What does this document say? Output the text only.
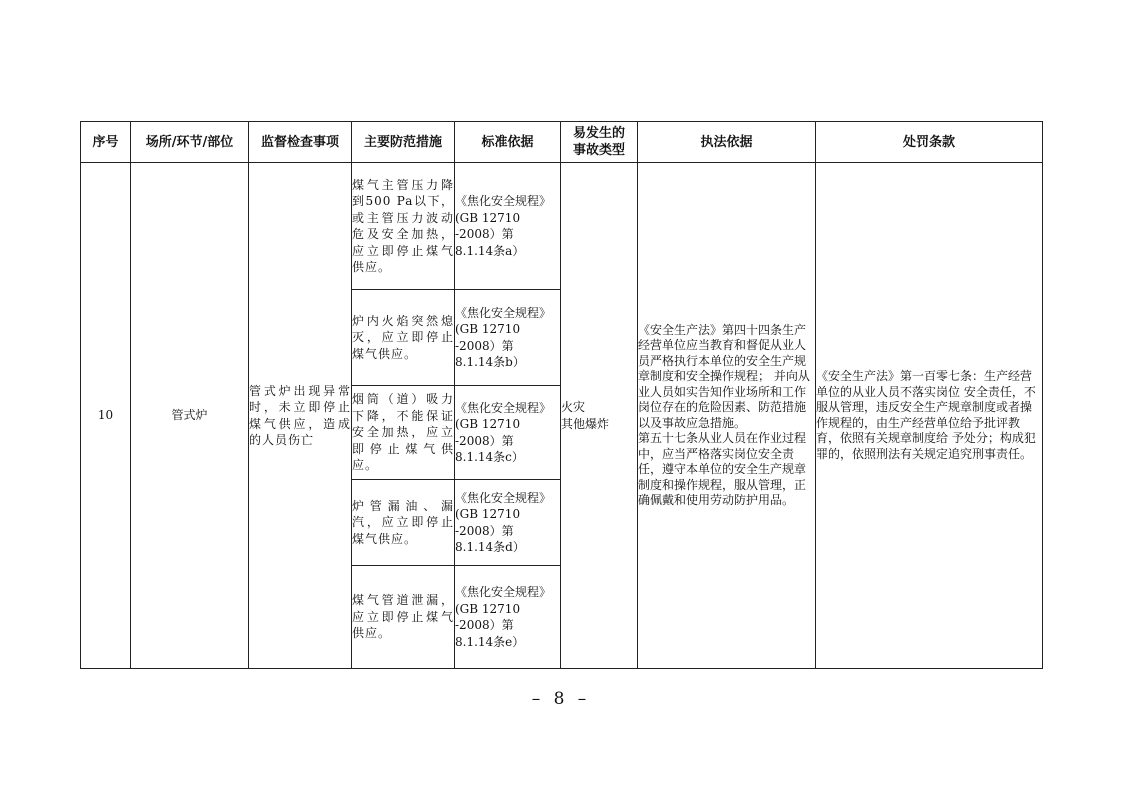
序号	场所/环节/部位	监督检查事项	主要防范措施	标准依据	易发生的
事故类型	执法依据	处罚条款
10	管式炉	管式炉出现异常时，未立即停止煤气供应，造成的人员伤亡	煤气主管压力降到500 Pa以下，或主管压力波动危及安全加热，应立即停止煤气供应。	《焦化安全规程》(GB 12710
-2008）第
8.1.14条a）	火灾
其他爆炸	《安全生产法》第四十四条生产经营单位应当教育和督促从业人员严格执行本单位的安全生产规章制度和安全操作规程； 并向从业人员如实告知作业场所和工作岗位存在的危险因素、防范措施以及事故应急措施。
第五十七条从业人员在作业过程中，应当严格落实岗位安全责任，遵守本单位的安全生产规章制度和操作规程，服从管理，正确佩戴和使用劳动防护用品。	《安全生产法》第一百零七条：生产经营单位的从业人员不落实岗位 安全责任，不服从管理，违反安全生产规章制度或者操作规程的，由生产经营单位给予批评教育，依照有关规章制度给 予处分；构成犯罪的，依照刑法有关规定追究刑事责任。
			炉内火焰突然熄灭，应立即停止煤气供应。	《焦化安全规程》(GB 12710
-2008）第
8.1.14条b）			
			烟筒（道）吸力下降，不能保证安全加热，应立即停止煤气供应。	《焦化安全规程》(GB 12710
-2008）第
8.1.14条c）			
			炉管漏油、漏汽，应立即停止煤气供应。	《焦化安全规程》(GB 12710
-2008）第
8.1.14条d）			
			煤气管道泄漏，应立即停止煤气供应。	《焦化安全规程》(GB 12710
-2008）第
8.1.14条e）			
– 8 –
